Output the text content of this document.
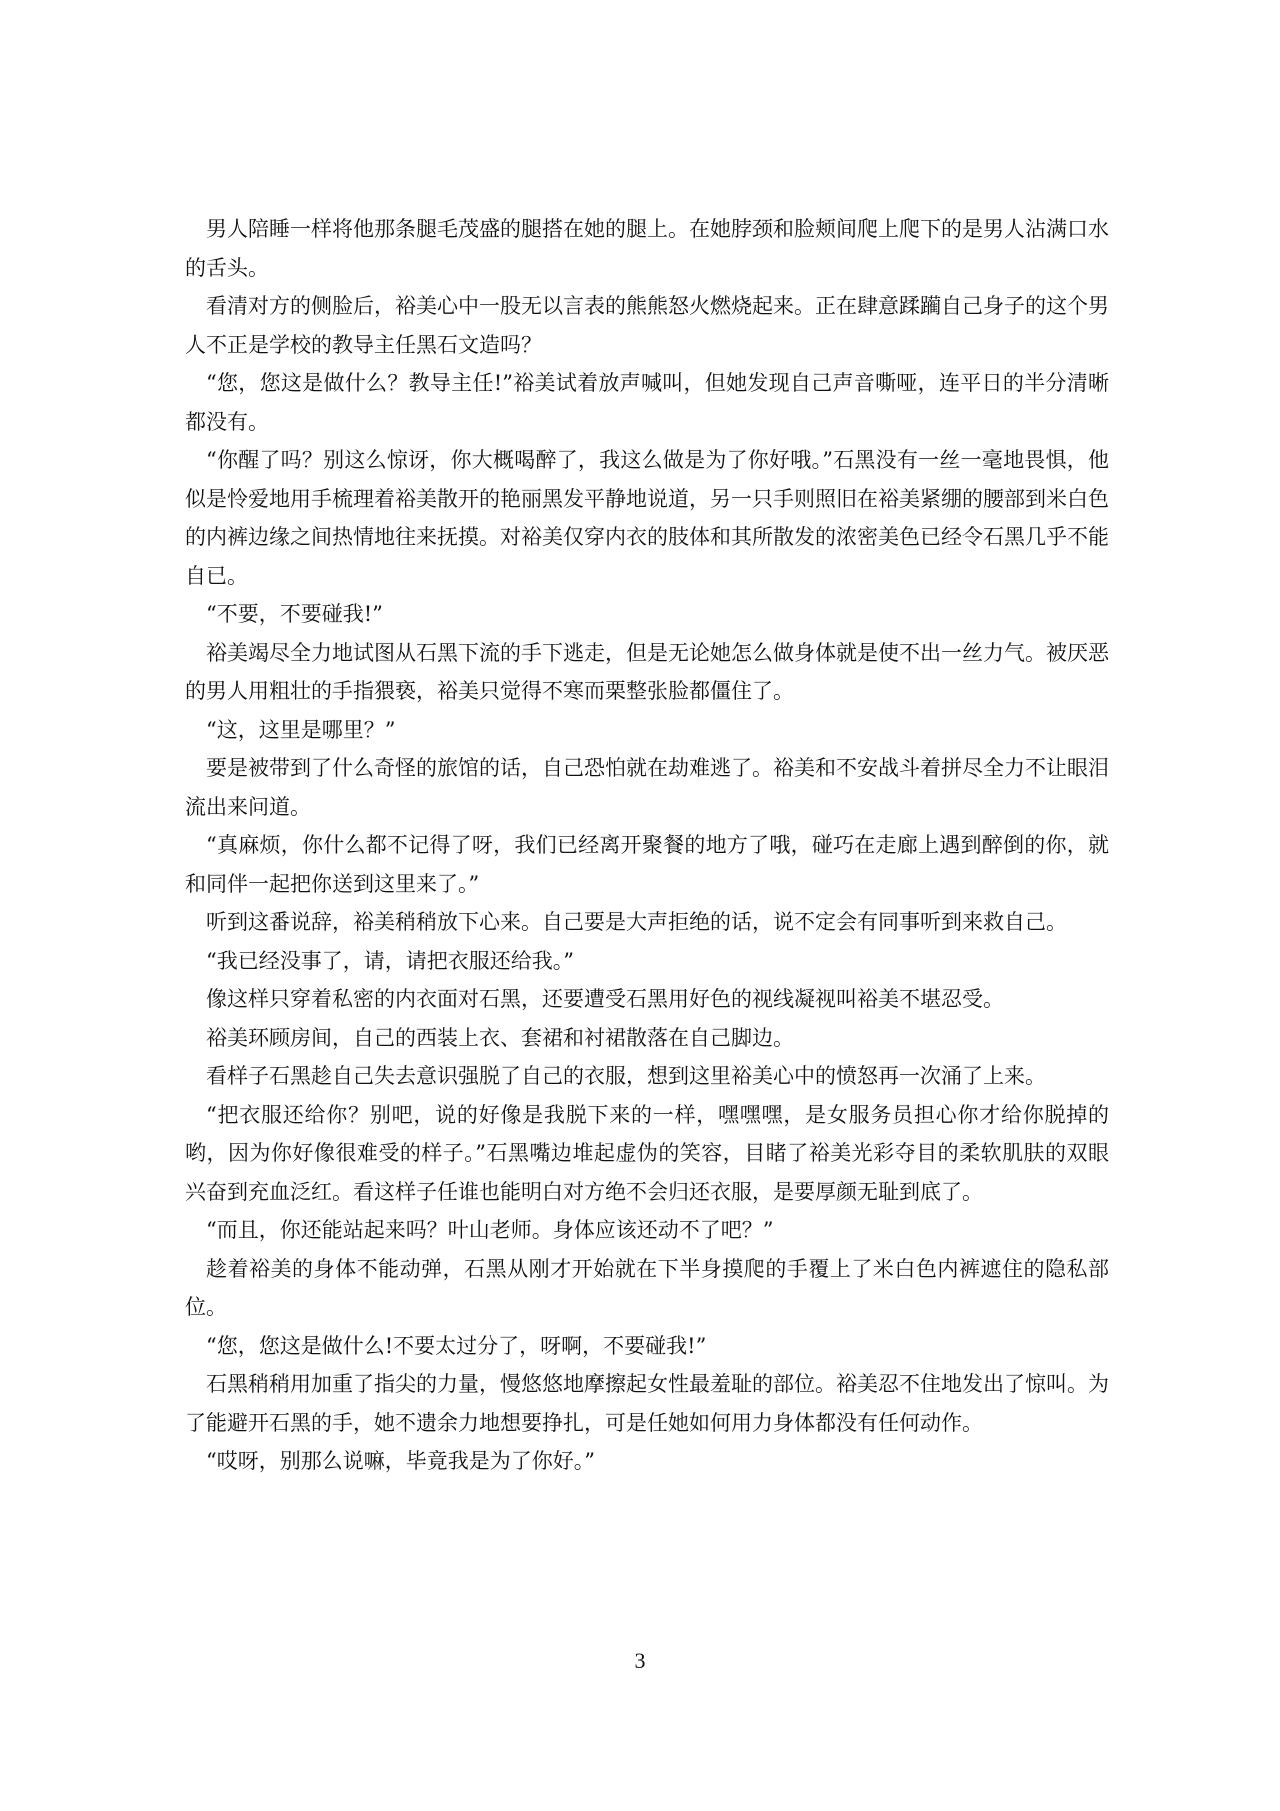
男人陪睡一样将他那条腿毛茂盛的腿搭在她的腿上。在她脖颈和脸颊间爬上爬下的是男人沾满口水的舌头。

看清对方的侧脸后，裕美心中一股无以言表的熊熊怒火燃烧起来。正在肆意蹂躏自己身子的这个男人不正是学校的教导主任黑石文造吗？

“您，您这是做什么？教导主任!”裕美试着放声喊叫，但她发现自己声音嘶哑，连平日的半分清晰都没有。

“你醒了吗？别这么惊讶，你大概喝醉了，我这么做是为了你好哦。”石黑没有一丝一毫地畏惧，他似是怜爱地用手梳理着裕美散开的艳丽黑发平静地说道，另一只手则照旧在裕美紧绷的腰部到米白色的内裤边缘之间热情地往来抚摸。对裕美仅穿内衣的肢体和其所散发的浓密美色已经令石黑几乎不能自已。

“不要，不要碰我!”

裕美竭尽全力地试图从石黑下流的手下逃走，但是无论她怎么做身体就是使不出一丝力气。被厌恶的男人用粗壮的手指猥亵，裕美只觉得不寒而栗整张脸都僵住了。

“这，这里是哪里？”

要是被带到了什么奇怪的旅馆的话，自己恐怕就在劫难逃了。裕美和不安战斗着拼尽全力不让眼泪流出来问道。

“真麻烦，你什么都不记得了呀，我们已经离开聚餐的地方了哦，碰巧在走廊上遇到醉倒的你，就和同伴一起把你送到这里来了。”

听到这番说辞，裕美稍稍放下心来。自己要是大声拒绝的话，说不定会有同事听到来救自己。

“我已经没事了，请，请把衣服还给我。”

像这样只穿着私密的内衣面对石黑，还要遭受石黑用好色的视线凝视叫裕美不堪忍受。

裕美环顾房间，自己的西装上衣、套裙和衬裙散落在自己脚边。

看样子石黑趁自己失去意识强脱了自己的衣服，想到这里裕美心中的愤怒再一次涌了上来。

“把衣服还给你？别吧，说的好像是我脱下来的一样，嘿嘿嘿，是女服务员担心你才给你脱掉的哟，因为你好像很难受的样子。”石黑嘴边堆起虚伪的笑容，目睹了裕美光彩夺目的柔软肌肤的双眼兴奋到充血泛红。看这样子任谁也能明白对方绝不会归还衣服，是要厚颜无耻到底了。

“而且，你还能站起来吗？叶山老师。身体应该还动不了吧？”

趁着裕美的身体不能动弹，石黑从刚才开始就在下半身摸爬的手覆上了米白色内裤遮住的隐私部位。

“您，您这是做什么!不要太过分了，呀啊，不要碰我!”

石黑稍稍用加重了指尖的力量，慢悠悠地摩擦起女性最羞耻的部位。裕美忍不住地发出了惊叫。为了能避开石黑的手，她不遗余力地想要挣扎，可是任她如何用力身体都没有任何动作。

“哎呀，别那么说嘛，毕竟我是为了你好。”

3
